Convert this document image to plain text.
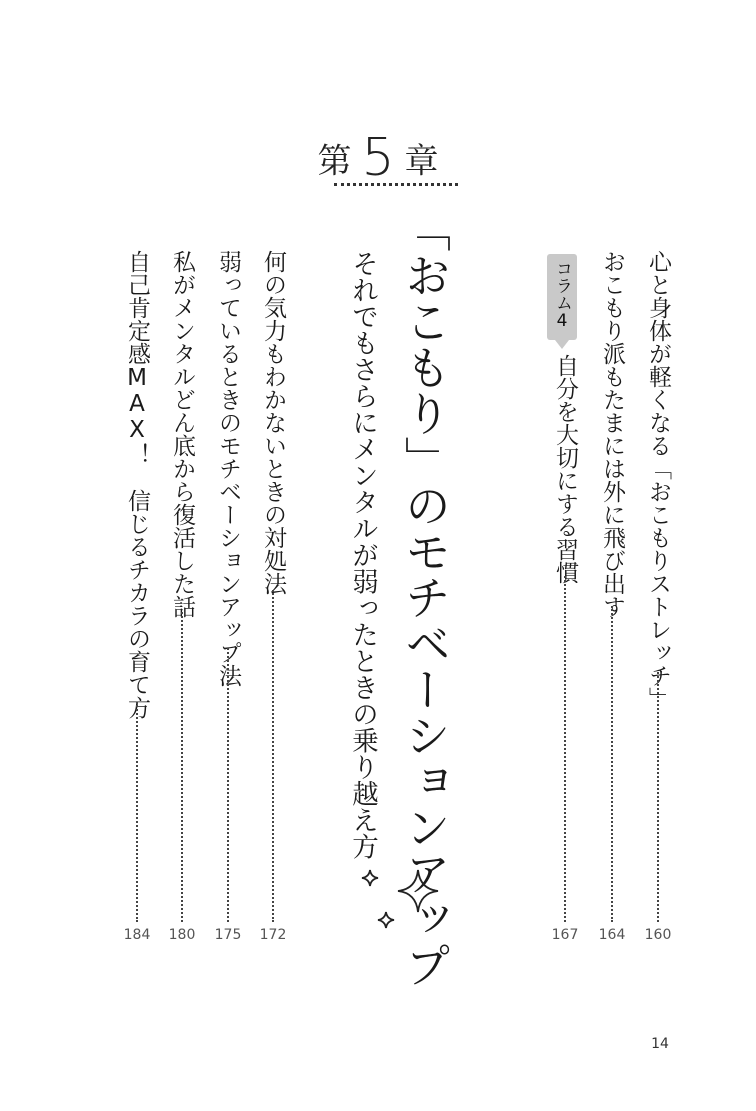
第 5 章
「おこもり」のモチベーションアップ
それでもさらにメンタルが弱ったときの乗り越え方	心と身体が軽くなる「おこもりストレッチ」
160
おこもり派もたまには外に飛び出す
164
コラム4
自分を大切にする習慣
167
何の気力もわかないときの対処法
172
弱っているときのモチベーションアップ法
175
私がメンタルどん底から復活した話
180
自己肯定感MAX！　信じるチカラの育て方
184
14
